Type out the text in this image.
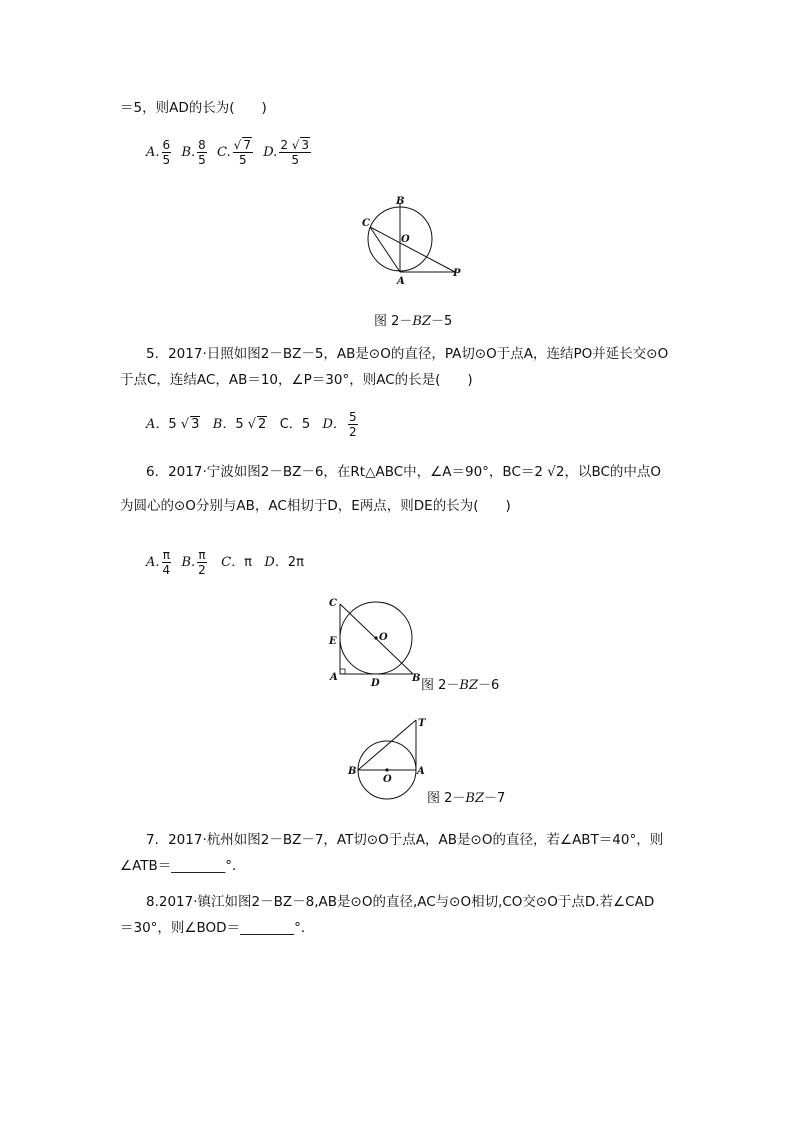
＝5，则AD的长为(　　)
A. $\frac{6}{5} B$. $\frac{8}{5} C$. $\frac{√ 7}{5} D$. $\frac{2 √ 3}{5}$
B
C
O
A
P
图 2－BZ－5
5．2017·日照如图2－BZ－5，AB是⊙O的直径，PA切⊙O于点A，连结PO并延长交⊙O
于点C，连结AC，AB＝10，∠P＝30°，则AC的长是(　　)
A．5 √ 3 B．5 √ 2 C．5 D． $\frac{5}{2}$
6．2017·宁波如图2－BZ－6，在Rt△ABC中，∠A＝90°，BC＝2 √2，以BC的中点O
为圆心的⊙O分别与AB，AC相切于D，E两点，则DE的长为(　　)
A. $\frac{\pi}{4} B$. $\frac{\pi}{2}$ C．π D．2π
C
E	O
A
D	B 图 2－BZ－6
T
B
O
A
图 2－BZ－7
7．2017·杭州如图2－BZ－7，AT切⊙O于点A，AB是⊙O的直径，若∠ABT＝40°，则
∠ATB＝________°．
8.2017·镇江如图2－BZ－8,AB是⊙O的直径,AC与⊙O相切,CO交⊙O于点D.若∠CAD
＝30°，则∠BOD＝________°．
